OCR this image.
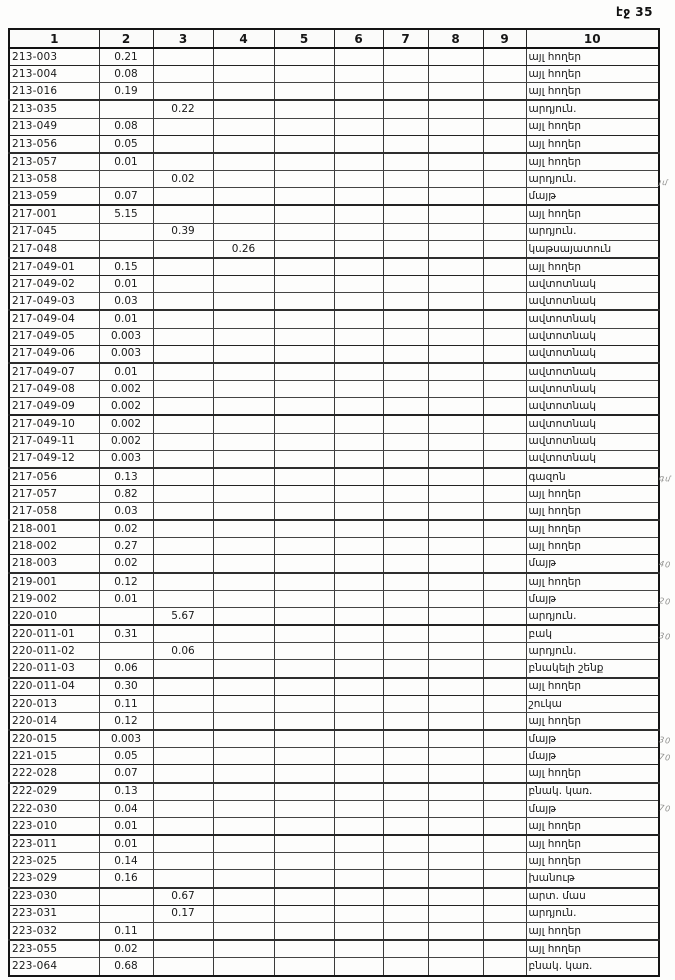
էջ 35
1	2	3	4	5	6	7	8	9	10
213-003	0.21								այլ հողեր
213-004	0.08								այլ հողեր
213-016	0.19								այլ հողեր
213-035		0.22							արդյուն.
213-049	0.08								այլ հողեր
213-056	0.05								այլ հողեր
213-057	0.01								այլ հողեր
213-058		0.02							արդյուն.
213-059	0.07								մայթ
217-001	5.15								այլ հողեր
217-045		0.39							արդյուն.
217-048			0.26						կաթսայատուն
217-049-01	0.15								այլ հողեր
217-049-02	0.01								ավտոտնակ
217-049-03	0.03								ավտոտնակ
217-049-04	0.01								ավտոտնակ
217-049-05	0.003								ավտոտնակ
217-049-06	0.003								ավտոտնակ
217-049-07	0.01								ավտոտնակ
217-049-08	0.002								ավտոտնակ
217-049-09	0.002								ավտոտնակ
217-049-10	0.002								ավտոտնակ
217-049-11	0.002								ավտոտնակ
217-049-12	0.003								ավտոտնակ
217-056	0.13								գազոն
217-057	0.82								այլ հողեր
217-058	0.03								այլ հողեր
218-001	0.02								այլ հողեր
218-002	0.27								այլ հողեր
218-003	0.02								մայթ
219-001	0.12								այլ հողեր
219-002	0.01								մայթ
220-010		5.67							արդյուն.
220-011-01	0.31								բակ
220-011-02		0.06							արդյուն.
220-011-03	0.06								բնակելի շենք
220-011-04	0.30								այլ հողեր
220-013	0.11								շուկա
220-014	0.12								այլ հողեր
220-015	0.003								մայթ
221-015	0.05								մայթ
222-028	0.07								այլ հողեր
222-029	0.13								բնակ. կառ.
222-030	0.04								մայթ
223-010	0.01								այլ հողեր
223-011	0.01								այլ հողեր
223-025	0.14								այլ հողեր
223-029	0.16								խանութ
223-030		0.67							արտ. մաս
223-031		0.17							արդյուն.
223-032	0.11								այլ հողեր
223-055	0.02								այլ հողեր
223-064	0.68								բնակ. կառ.
յմ
գմ
40
20
30
30
70
70
